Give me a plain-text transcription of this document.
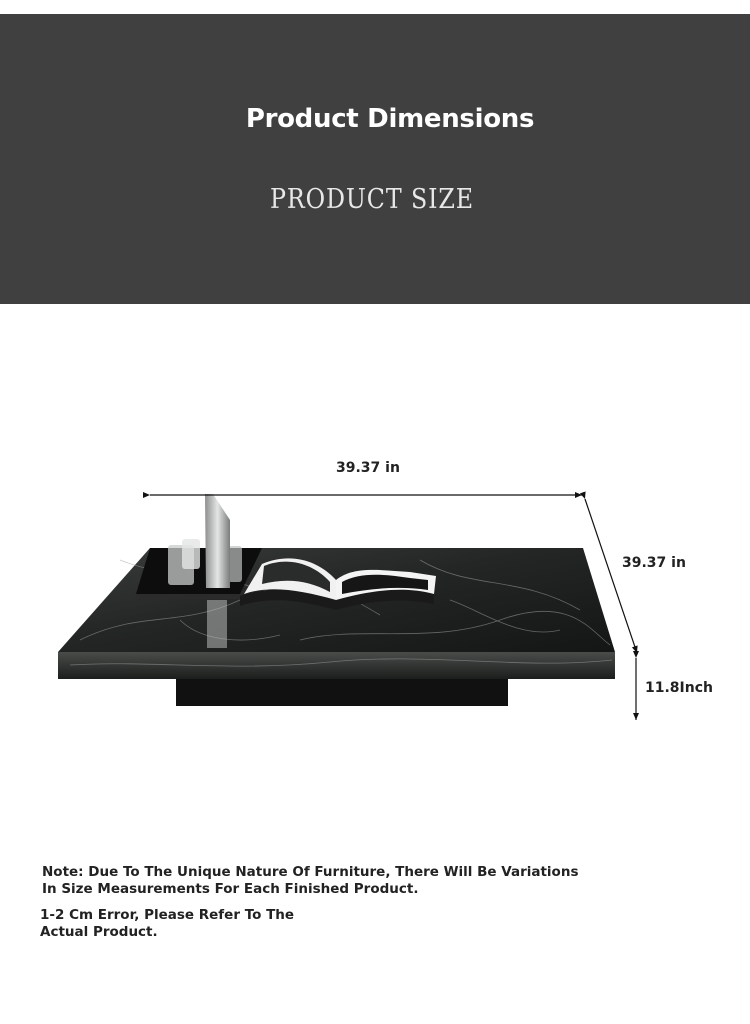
Product Dimensions
PRODUCT SIZE
39.37 in
39.37 in
11.8Inch
Note: Due To The Unique Nature Of Furniture, There Will Be Variations In Size Measurements For Each Finished Product.
1-2 Cm Error, Please Refer To The Actual Product.
